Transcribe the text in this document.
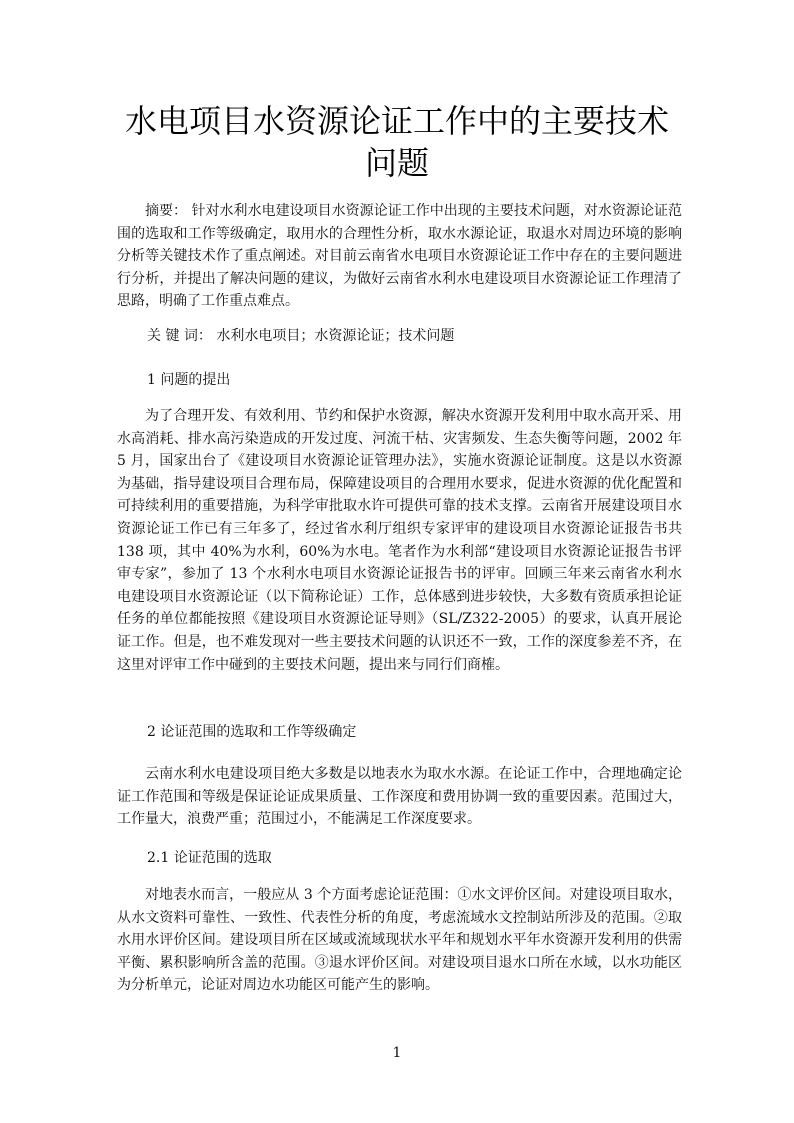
水电项目水资源论证工作中的主要技术问题

摘要： 针对水利水电建设项目水资源论证工作中出现的主要技术问题，对水资源论证范围的选取和工作等级确定，取用水的合理性分析，取水水源论证，取退水对周边环境的影响分析等关键技术作了重点阐述。对目前云南省水电项目水资源论证工作中存在的主要问题进行分析，并提出了解决问题的建议，为做好云南省水利水电建设项目水资源论证工作理清了思路，明确了工作重点难点。

关 键 词： 水利水电项目；水资源论证；技术问题

1 问题的提出

为了合理开发、有效利用、节约和保护水资源，解决水资源开发利用中取水高开采、用水高消耗、排水高污染造成的开发过度、河流干枯、灾害频发、生态失衡等问题，2002 年 5 月，国家出台了《建设项目水资源论证管理办法》，实施水资源论证制度。这是以水资源为基础，指导建设项目合理布局，保障建设项目的合理用水要求，促进水资源的优化配置和可持续利用的重要措施，为科学审批取水许可提供可靠的技术支撑。云南省开展建设项目水资源论证工作已有三年多了，经过省水利厅组织专家评审的建设项目水资源论证报告书共 138 项，其中 40%为水利，60%为水电。笔者作为水利部“建设项目水资源论证报告书评审专家”，参加了 13 个水利水电项目水资源论证报告书的评审。回顾三年来云南省水利水电建设项目水资源论证（以下简称论证）工作，总体感到进步较快，大多数有资质承担论证任务的单位都能按照《建设项目水资源论证导则》（SL/Z322-2005）的要求，认真开展论证工作。但是，也不难发现对一些主要技术问题的认识还不一致，工作的深度参差不齐，在这里对评审工作中碰到的主要技术问题，提出来与同行们商榷。

2 论证范围的选取和工作等级确定

云南水利水电建设项目绝大多数是以地表水为取水水源。在论证工作中，合理地确定论证工作范围和等级是保证论证成果质量、工作深度和费用协调一致的重要因素。范围过大，工作量大，浪费严重；范围过小，不能满足工作深度要求。

2.1 论证范围的选取

对地表水而言，一般应从 3 个方面考虑论证范围：①水文评价区间。对建设项目取水，从水文资料可靠性、一致性、代表性分析的角度，考虑流域水文控制站所涉及的范围。②取水用水评价区间。建设项目所在区域或流域现状水平年和规划水平年水资源开发利用的供需平衡、累积影响所含盖的范围。③退水评价区间。对建设项目退水口所在水域，以水功能区为分析单元，论证对周边水功能区可能产生的影响。

1
